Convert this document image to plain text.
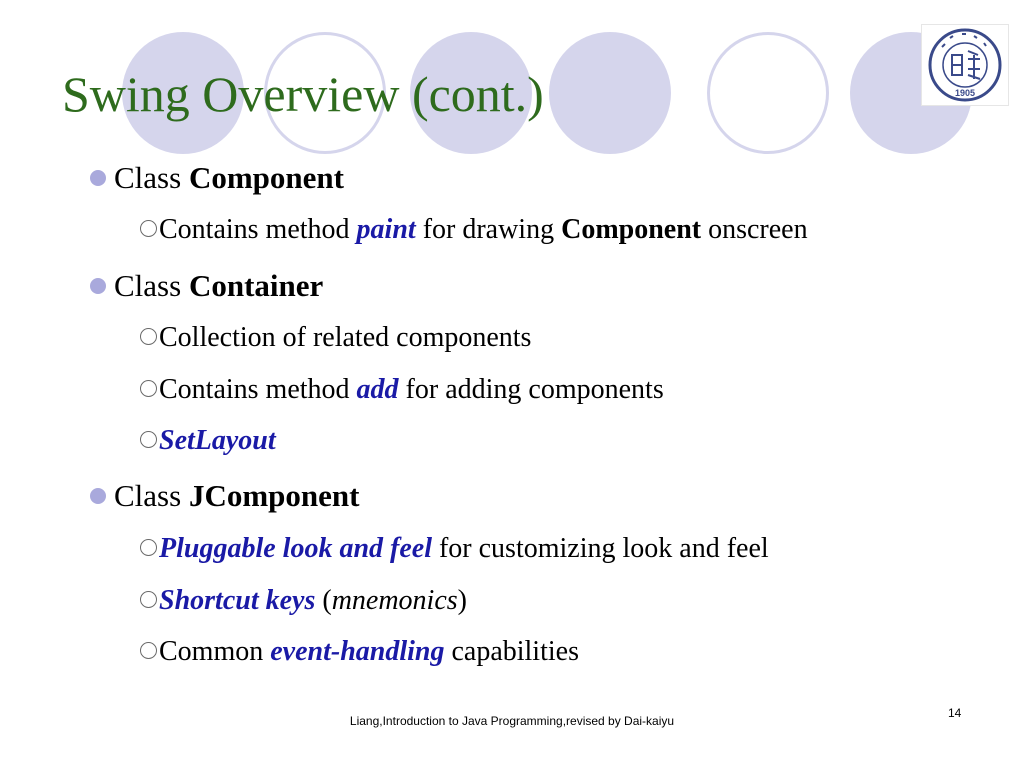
1905
Swing Overview (cont.)
Class Component
Contains method paint for drawing Component onscreen
Class Container
Collection of related components
Contains method add for adding components
SetLayout
Class JComponent
Pluggable look and feel for customizing look and feel
Shortcut keys (mnemonics)
Common event-handling capabilities
Liang,Introduction to Java Programming,revised by Dai-kaiyu
14
